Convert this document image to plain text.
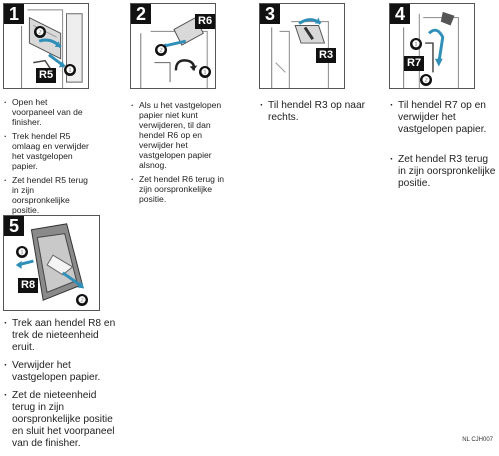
1
❷
❶
R5
· Open het voorpaneel van de finisher.
· Trek hendel R5 omlaag en verwijder het vastgelopen papier.
· Zet hendel R5 terug in zijn oorspronkelijke positie.
2	R6
❷
❶
· Als u het vastgelopen papier niet kunt verwijderen, til dan hendel R6 op en verwijder het vastgelopen papier alsnog.
· Zet hendel R6 terug in zijn oorspronkelijke positie.
3
R3
· Til hendel R3 op naar rechts.
4
❶
R7
❷
· Til hendel R7 op en verwijder het vastgelopen papier.
· Zet hendel R3 terug in zijn oorspronkelijke positie.
5
❶
R8
❷
· Trek aan hendel R8 en trek de nieteenheid eruit.
· Verwijder het vastgelopen papier.
· Zet de nieteenheid terug in zijn oorspronkelijke positie en sluit het voorpaneel van de finisher.	NL CJH007
